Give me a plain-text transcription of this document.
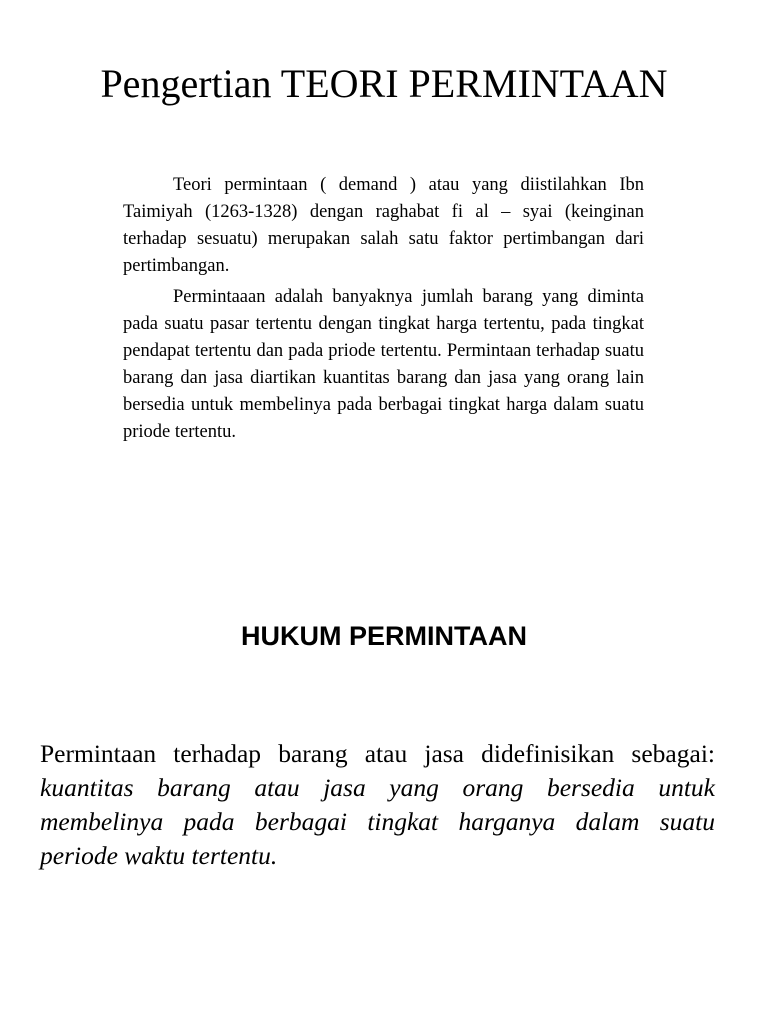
Pengertian TEORI PERMINTAAN

Teori permintaan ( demand ) atau yang diistilahkan Ibn Taimiyah (1263-1328) dengan raghabat fi al – syai (keinginan terhadap sesuatu) merupakan salah satu faktor pertimbangan dari pertimbangan.

Permintaaan adalah banyaknya jumlah barang yang diminta pada suatu pasar tertentu dengan tingkat harga tertentu, pada tingkat pendapat tertentu dan pada priode tertentu. Permintaan terhadap suatu barang dan jasa diartikan kuantitas barang dan jasa yang orang lain bersedia untuk membelinya pada berbagai tingkat harga dalam suatu priode tertentu.

HUKUM PERMINTAAN

Permintaan terhadap barang atau jasa didefinisikan sebagai: kuantitas barang atau jasa yang orang bersedia untuk membelinya pada berbagai tingkat harganya dalam suatu periode waktu tertentu.
